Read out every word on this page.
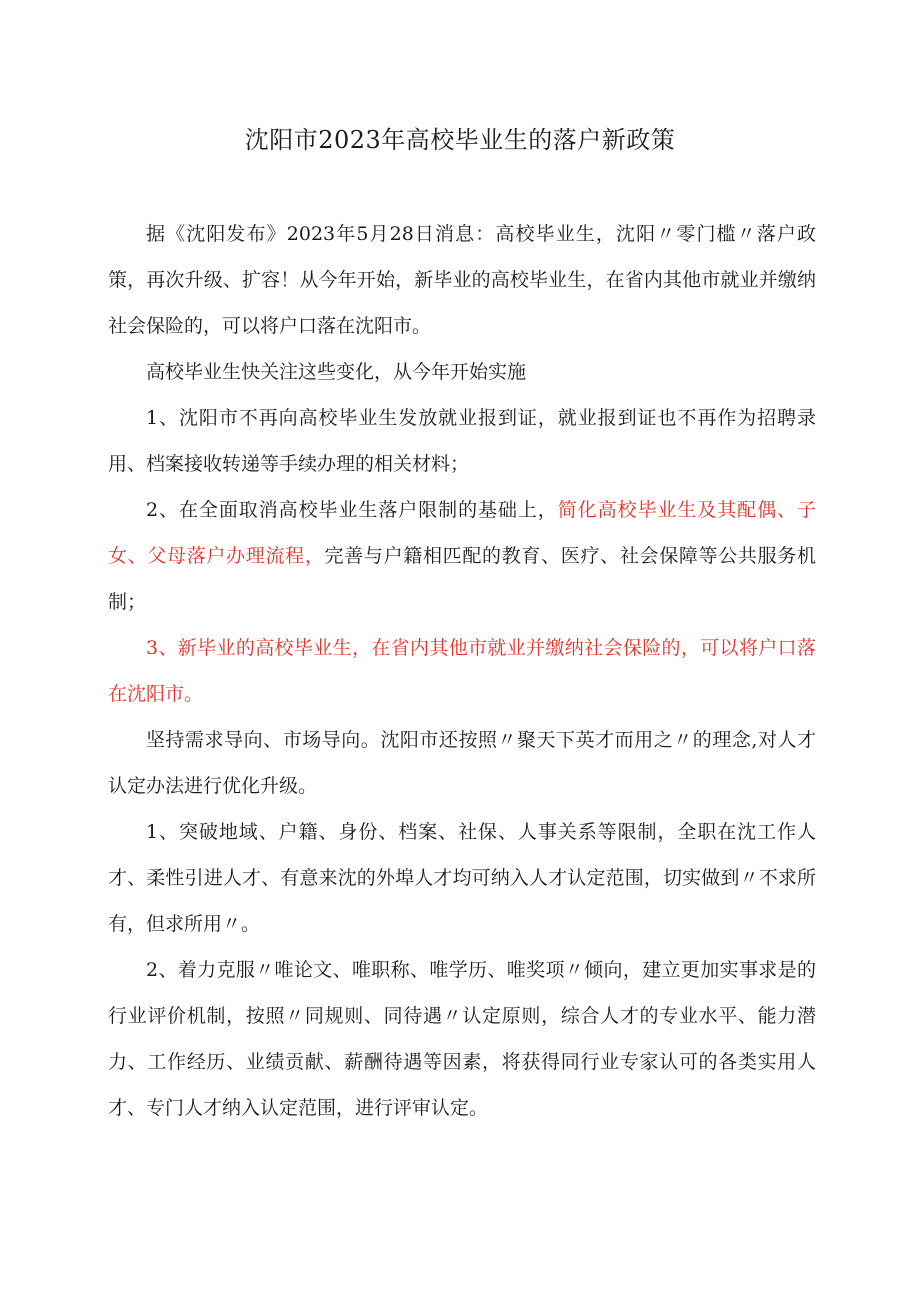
沈阳市2023年高校毕业生的落户新政策

据《沈阳发布》2023年5月28日消息：高校毕业生，沈阳〃零门槛〃落户政策，再次升级、扩容！从今年开始，新毕业的高校毕业生，在省内其他市就业并缴纳社会保险的，可以将户口落在沈阳市。

高校毕业生快关注这些变化，从今年开始实施

1、沈阳市不再向高校毕业生发放就业报到证，就业报到证也不再作为招聘录用、档案接收转递等手续办理的相关材料；

2、在全面取消高校毕业生落户限制的基础上，简化高校毕业生及其配偶、子女、父母落户办理流程，完善与户籍相匹配的教育、医疗、社会保障等公共服务机制；

3、新毕业的高校毕业生，在省内其他市就业并缴纳社会保险的，可以将户口落在沈阳市。

坚持需求导向、市场导向。沈阳市还按照〃聚天下英才而用之〃的理念,对人才认定办法进行优化升级。

1、突破地域、户籍、身份、档案、社保、人事关系等限制，全职在沈工作人才、柔性引进人才、有意来沈的外埠人才均可纳入人才认定范围，切实做到〃不求所有，但求所用〃。

2、着力克服〃唯论文、唯职称、唯学历、唯奖项〃倾向，建立更加实事求是的行业评价机制，按照〃同规则、同待遇〃认定原则，综合人才的专业水平、能力潜力、工作经历、业绩贡献、薪酬待遇等因素，将获得同行业专家认可的各类实用人才、专门人才纳入认定范围，进行评审认定。
